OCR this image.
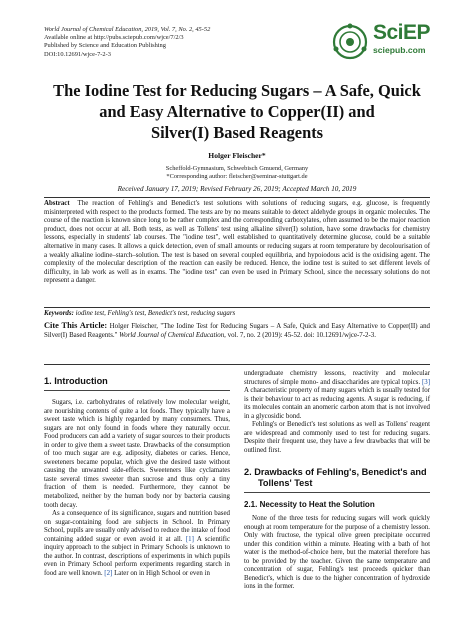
World Journal of Chemical Education, 2019, Vol. 7, No. 2, 45-52
Available online at http://pubs.sciepub.com/wjce/7/2/3
Published by Science and Education Publishing
DOI:10.12691/wjce-7-2-3
SciEP
sciepub.com
The Iodine Test for Reducing Sugars – A Safe, Quick
and Easy Alternative to Copper(II) and
Silver(I) Based Reagents
Holger Fleischer*
Scheffold-Gymnasium, Schwebisch Gmuend, Germany
*Corresponding author: fleischer@seminar-stuttgart.de
Received January 17, 2019; Revised February 26, 2019; Accepted March 10, 2019
Abstract The reaction of Fehling's and Benedict's test solutions with solutions of reducing sugars, e.g. glucose, is frequently misinterpreted with respect to the products formed. The tests are by no means suitable to detect aldehyde groups in organic molecules. The course of the reaction is known since long to be rather complex and the corresponding carboxylates, often assumed to be the major reaction product, does not occur at all. Both tests, as well as Tollens' test using alkaline silver(I) solution, have some drawbacks for chemistry lessons, especially in students' lab courses. The "iodine test", well established to quantitatively determine glucose, could be a suitable alternative in many cases. It allows a quick detection, even of small amounts or reducing sugars at room temperature by decolourisation of a weakly alkaline iodine–starch–solution. The test is based on several coupled equilibria, and hypoiodous acid is the oxidising agent. The complexity of the molecular description of the reaction can easily be reduced. Hence, the iodine test is suited to set different levels of difficulty, in lab work as well as in exams. The "iodine test" can even be used in Primary School, since the necessary solutions do not represent a danger.
Keywords: iodine test, Fehling's test, Benedict's test, reducing sugars
Cite This Article: Holger Fleischer, "The Iodine Test for Reducing Sugars – A Safe, Quick and Easy Alternative to Copper(II) and Silver(I) Based Reagents." World Journal of Chemical Education, vol. 7, no. 2 (2019): 45-52. doi: 10.12691/wjce-7-2-3.
1. Introduction

Sugars, i.e. carbohydrates of relatively low molecular weight, are nourishing contents of quite a lot foods. They typically have a sweet taste which is highly regarded by many consumers. Thus, sugars are not only found in foods where they naturally occur. Food producers can add a variety of sugar sources to their products in order to give them a sweet taste. Drawbacks of the consumption of too much sugar are e.g. adiposity, diabetes or caries. Hence, sweeteners became popular, which give the desired taste without causing the unwanted side-effects. Sweeteners like cyclamates taste several times sweeter than sucrose and thus only a tiny fraction of them is needed. Furthermore, they cannot be metabolized, neither by the human body nor by bacteria causing tooth decay.

As a consequence of its significance, sugars and nutrition based on sugar-containing food are subjects in School. In Primary School, pupils are usually only advised to reduce the intake of food containing added sugar or even avoid it at all. [1] A scientific inquiry approach to the subject in Primary Schools is unknown to the author. In contrast, descriptions of experiments in which pupils even in Primary School perform experiments regarding starch in food are well known. [2] Later on in High School or even in

undergraduate chemistry lessons, reactivity and molecular structures of simple mono- and disaccharides are typical topics. [3] A characteristic property of many sugars which is usually tested for is their behaviour to act as reducing agents. A sugar is reducing, if its molecules contain an anomeric carbon atom that is not involved in a glycosidic bond.

Fehling's or Benedict's test solutions as well as Tollens' reagent are widespread and commonly used to test for reducing sugars. Despite their frequent use, they have a few drawbacks that will be outlined first.

2. Drawbacks of Fehling's, Benedict's and
Tollens' Test
2.1. Necessity to Heat the Solution

None of the three tests for reducing sugars will work quickly enough at room temperature for the purpose of a chemistry lesson. Only with fructose, the typical olive green precipitate occurred under this condition within a minute. Heating with a bath of hot water is the method-of-choice here, but the material therefore has to be provided by the teacher. Given the same temperature and concentration of sugar, Fehling's test proceeds quicker than Benedict's, which is due to the higher concentration of hydroxide ions in the former.
